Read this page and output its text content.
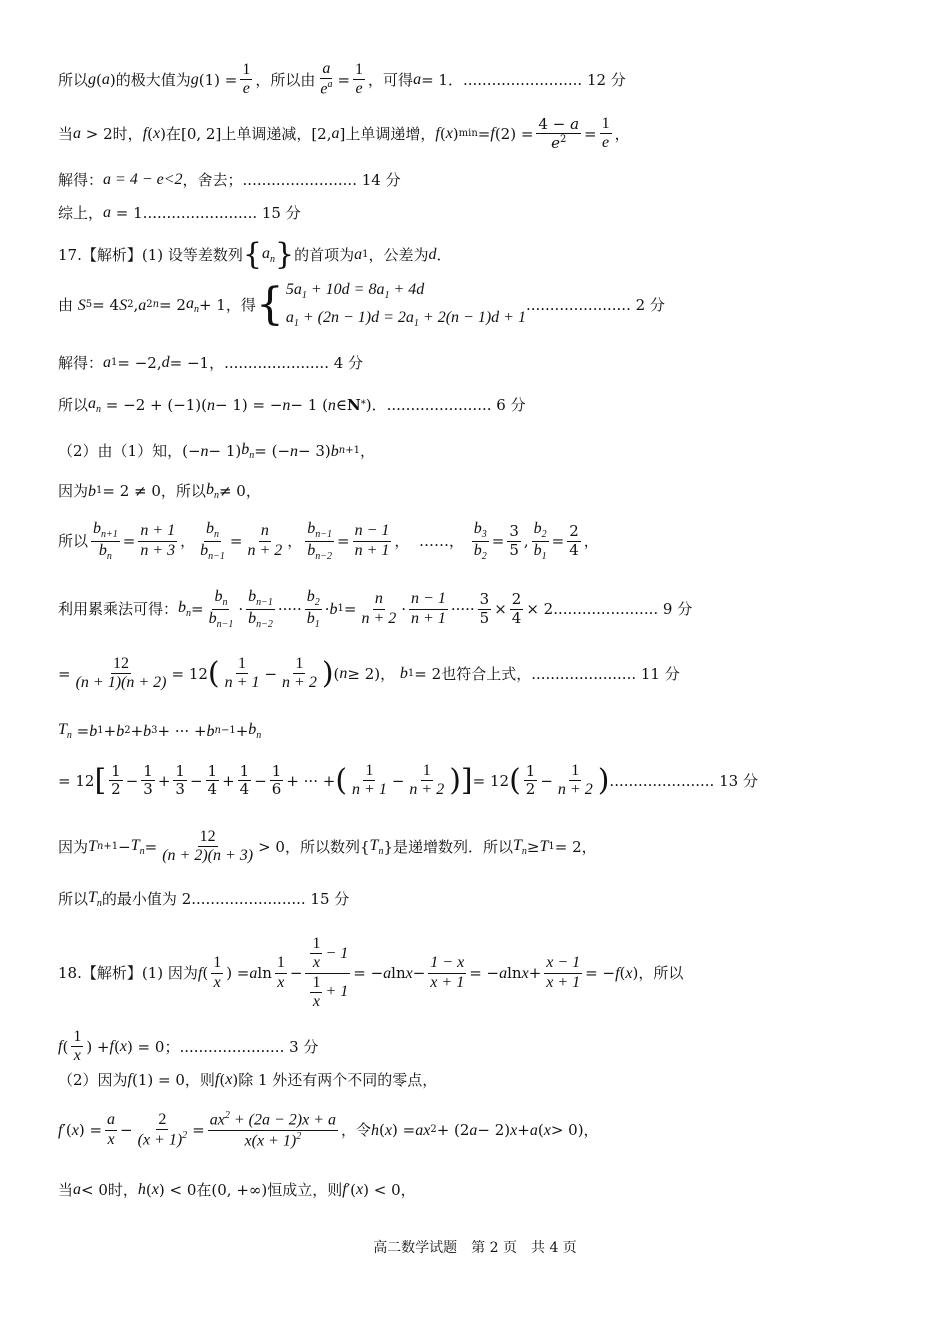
所以 g ( a ) 的极大值为 g $(1) = \frac{1}{e}$ ，所以由 $\frac{a}{e^a} = \frac{1}{e}$ ，可得 a = 1 ． ......................... 12 分
当 a > 2 时， f ( x ) 在 [0, 2] 上单调递减， [2, a ] 上单调递增， f ( x ) min = f $(2) = \frac{4 - a}{e^2} = \frac{1}{e}$ ，
解得： a = 4 − e<2 ，舍去； ........................ 14 分
综上， a = 1 ........................ 15 分
17.【解析】(1) 设等差数列 { $a_n$ } 的首项为 a 1 ，公差为 d ．
由
S 5 = 4 S 2 , a 2n = 2 $a_n + 1$ ，得 { $5a_1 + 10d = 8a_1 + 4d$
$a_1 + (2n - 1)d = 2a_1 + 2(n - 1)d + 1$
...................... 2 分
解得： a 1 = −2, d = −1 ，...................... 4 分
所以 $a_n = -2 + (-1)$( n − 1) = − n − 1 ( n ∈ N * ) ．...................... 6 分
（2）由（1）知， (− n − 1) $b_n$ = (− n − 3) b n+1 ，
因为 b 1 = 2 ≠ 0 ，所以 $b_n \ne 0$，
所以 $\frac{b_{n+1}}{b_n} = \frac{n + 1}{n + 3}$ ， $\frac{b_n}{b_{n-1}} = \frac{n}{n + 2}$ ， $\frac{b_{n-1}}{b_{n-2}} = \frac{n - 1}{n + 1}$ ， ……，
$\frac{b_3}{b_2} = \frac{3}{5}$ , $\frac{b_2}{b_1} = \frac{2}{4}$ ，
利用累乘法可得： $b_n = \frac{b_n}{b_{n-1}} \cdot \frac{b_{n-1}}{b_{n-2}}$ ····· $\frac{b_2}{b_1} \cdot b$ $1 = \frac{n}{n + 2} \cdot \frac{n - 1}{n + 1}$ ····· $\frac{3}{5} \times \frac{2}{4} \times 2$ ...................... 9 分
= $\frac{12}{(n + 1)(n + 2)} = 12$ ( $\frac{1}{n + 1} - \frac{1}{n + 2}$ ) ( n ≥ 2) ，
b 1 = 2 也符合上式， ...................... 11 分
$T_n = b$ 1 + b 2 + b 3 + ··· + b $n-1 + b_n$
= 12 [ $\frac{1}{2} - \frac{1}{3} + \frac{1}{3} - \frac{1}{4} + \frac{1}{4} - \frac{1}{6}$ + ··· + ( $\frac{1}{n + 1} - \frac{1}{n + 2}$ )] = 12 ( $\frac{1}{2} - \frac{1}{n + 2}$ ) ...................... 13 分
因为 T $n+1 - T_n = \frac{12}{(n + 2)(n + 3)} > 0$ ，所以数列 { $T_n$ } 是递增数列．所以 $T_n \ge T$ 1 = 2 ，
所以 $T_n$ 的最小值为 2 ........................ 15 分
18.【解析】(1) 因为 f ( $\frac{1}{x}$ ) = a $\ln \frac{1}{x} - \frac{\frac{1}{x} - 1}{\frac{1}{x} + 1}$ = − a $\ln x - \frac{1 - x}{x + 1}$ = − a $\ln x + \frac{x - 1}{x + 1}$ = − f ( x ) ，所以
f ( $\frac{1}{x}$ ) + f ( x ) = 0 ；...................... 3 分
（2）因为 f (1) = 0 ，则 f ( x ) 除 1 外还有两个不同的零点，
f ′( x ) = $\frac{a}{x} - \frac{2}{(x + 1)^2} = \frac{ax^2 + (2a - 2)x + a}{x(x + 1)^2}$ ，令 h ( x ) = ax 2 + (2 a − 2) x + a ( x > 0) ，
当 a < 0 时， h ( x ) < 0 在 (0, +∞) 恒成立，则 f ′( x ) < 0 ，
高二数学试题　第 2 页　共 4 页
